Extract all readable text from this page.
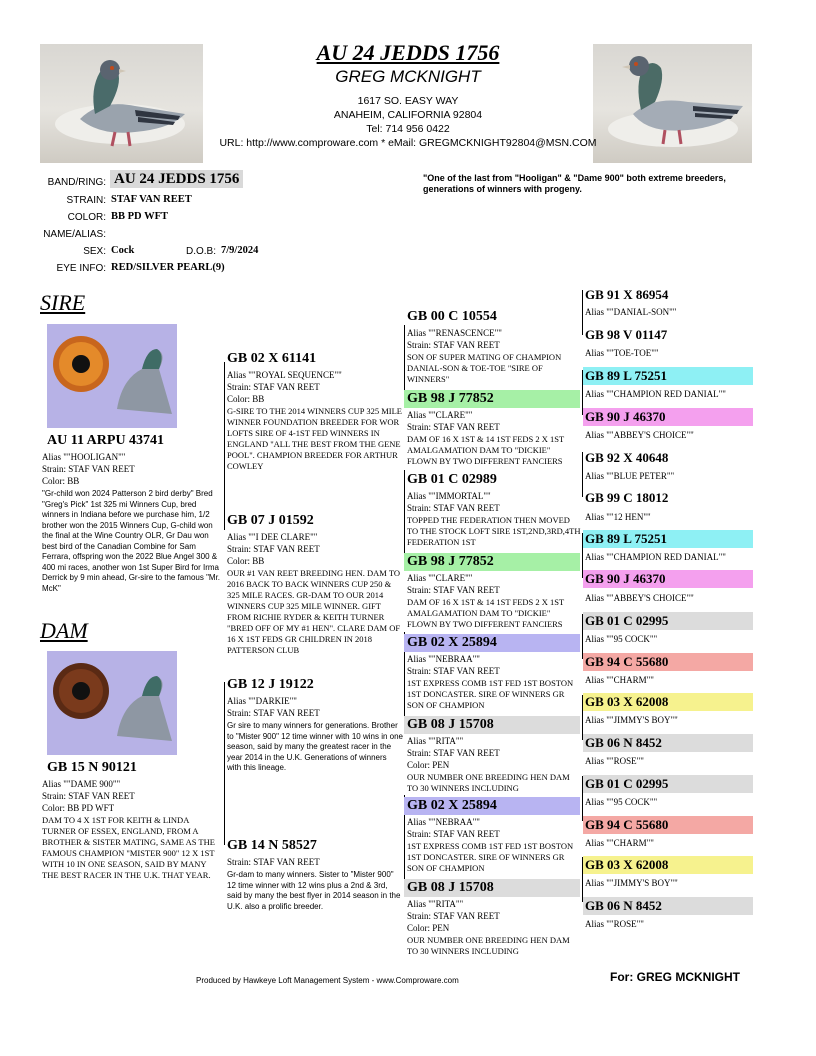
AU 24 JEDDS 1756
GREG MCKNIGHT
1617 SO. EASY WAY
ANAHEIM, CALIFORNIA 92804
Tel: 714 956 0422
URL: http://www.comproware.com * eMail: GREGMCKNIGHT92804@MSN.COM
BAND/RING: AU 24 JEDDS 1756
STRAIN: STAF VAN REET
COLOR: BB PD WFT
NAME/ALIAS:
SEX: Cock	D.O.B: 7/9/2024
EYE INFO: RED/SILVER PEARL(9)
"One of the last from "Hooligan" & "Dame 900" both extreme breeders, generations of winners with progeny.
SIRE
AU 11 ARPU 43741
Alias ""HOOLIGAN""
Strain: STAF VAN REET
Color: BB
"Gr-child won 2024 Patterson 2 bird derby" Bred "Greg's Pick" 1st 325 mi Winners Cup, bred winners in Indiana before we purchase him, 1/2 brother won the 2015 Winners Cup, G-child won the final at the Wine Country OLR, Gr Dau won best bird of the Canadian Combine for Sam Ferrara, offspring won the 2022 Blue Angel 300 & 400 mi races, another won 1st Super Bird for Irma Derrick by 9 min ahead, Gr-sire to the famous "Mr. McK"
DAM
GB 15 N 90121
Alias ""DAME 900""
Strain: STAF VAN REET
Color: BB PD WFT
DAM TO 4 X 1ST FOR KEITH & LINDA TURNER OF ESSEX, ENGLAND, FROM A BROTHER & SISTER MATING, SAME AS THE FAMOUS CHAMPION "MISTER 900" 12 X 1ST WITH 10 IN ONE SEASON, SAID BY MANY THE BEST RACER IN THE U.K. THAT YEAR.
GB 02 X 61141
Alias ""ROYAL SEQUENCE""
Strain: STAF VAN REET
Color: BB
G-SIRE TO THE 2014 WINNERS CUP 325 MILE WINNER FOUNDATION BREEDER FOR WOR LOFTS SIRE OF 4-1ST FED WINNERS IN ENGLAND "ALL THE BEST FROM THE GENE POOL". CHAMPION BREEDER FOR ARTHUR COWLEY
GB 07 J 01592
Alias ""I DEE CLARE""
Strain: STAF VAN REET
Color: BB
OUR #1 VAN REET BREEDING HEN. DAM TO 2016 BACK TO BACK WINNERS CUP 250 & 325 MILE RACES. GR-DAM TO OUR 2014 WINNERS CUP 325 MILE WINNER. GIFT FROM RICHIE RYDER & KEITH TURNER "BRED OFF OF MY #1 HEN". CLARE DAM OF 16 X 1ST FEDS GR CHILDREN IN 2018 PATTERSON CLUB
GB 12 J 19122
Alias ""DARKIE""
Strain: STAF VAN REET
Gr sire to many winners for generations. Brother to "Mister 900" 12 time winner with 10 wins in one season, said by many the greatest racer in the year 2014 in the U.K. Generations of winners with this lineage.
GB 14 N 58527
Strain: STAF VAN REET
Gr-dam to many winners. Sister to "Mister 900" 12 time winner with 12 wins plus a 2nd & 3rd, said by many the best flyer in 2014 season in the U.K. also a prolific breeder.
GB 00 C 10554
Alias ""RENASCENCE""
Strain: STAF VAN REET
SON OF SUPER MATING OF CHAMPION DANIAL-SON & TOE-TOE "SIRE OF WINNERS"
GB 98 J 77852
Alias ""CLARE""
Strain: STAF VAN REET
DAM OF 16 X 1ST & 14 1ST FEDS 2 X 1ST AMALGAMATION DAM TO "DICKIE" FLOWN BY TWO DIFFERENT FANCIERS
GB 01 C 02989
Alias ""IMMORTAL""
Strain: STAF VAN REET
TOPPED THE FEDERATION THEN MOVED TO THE STOCK LOFT SIRE 1ST,2ND,3RD,4TH FEDERATION 1ST
GB 98 J 77852
Alias ""CLARE""
Strain: STAF VAN REET
DAM OF 16 X 1ST & 14 1ST FEDS 2 X 1ST AMALGAMATION DAM TO "DICKIE" FLOWN BY TWO DIFFERENT FANCIERS
GB 02 X 25894
Alias ""NEBRAA""
Strain: STAF VAN REET
1ST EXPRESS COMB 1ST FED 1ST BOSTON 1ST DONCASTER. SIRE OF WINNERS GR SON OF CHAMPION
GB 08 J 15708
Alias ""RITA""
Strain: STAF VAN REET
Color: PEN
OUR NUMBER ONE BREEDING HEN DAM TO 30 WINNERS INCLUDING
GB 02 X 25894
Alias ""NEBRAA""
Strain: STAF VAN REET
1ST EXPRESS COMB 1ST FED 1ST BOSTON 1ST DONCASTER. SIRE OF WINNERS GR SON OF CHAMPION
GB 08 J 15708
Alias ""RITA""
Strain: STAF VAN REET
Color: PEN
OUR NUMBER ONE BREEDING HEN DAM TO 30 WINNERS INCLUDING
GB 91 X 86954
Alias ""DANIAL-SON""
GB 98 V 01147
Alias ""TOE-TOE""
GB 89 L 75251
Alias ""CHAMPION RED DANIAL""
GB 90 J 46370
Alias ""ABBEY'S CHOICE""
GB 92 X 40648
Alias ""BLUE PETER""
GB 99 C 18012
Alias ""12 HEN""
GB 89 L 75251
Alias ""CHAMPION RED DANIAL""
GB 90 J 46370
Alias ""ABBEY'S CHOICE""
GB 01 C 02995
Alias ""95 COCK""
GB 94 C 55680
Alias ""CHARM""
GB 03 X 62008
Alias ""JIMMY'S BOY""
GB 06 N 8452
Alias ""ROSE""
GB 01 C 02995
Alias ""95 COCK""
GB 94 C 55680
Alias ""CHARM""
GB 03 X 62008
Alias ""JIMMY'S BOY""
GB 06 N 8452
Alias ""ROSE""
Produced by Hawkeye Loft Management System - www.Comproware.com	For: GREG MCKNIGHT
